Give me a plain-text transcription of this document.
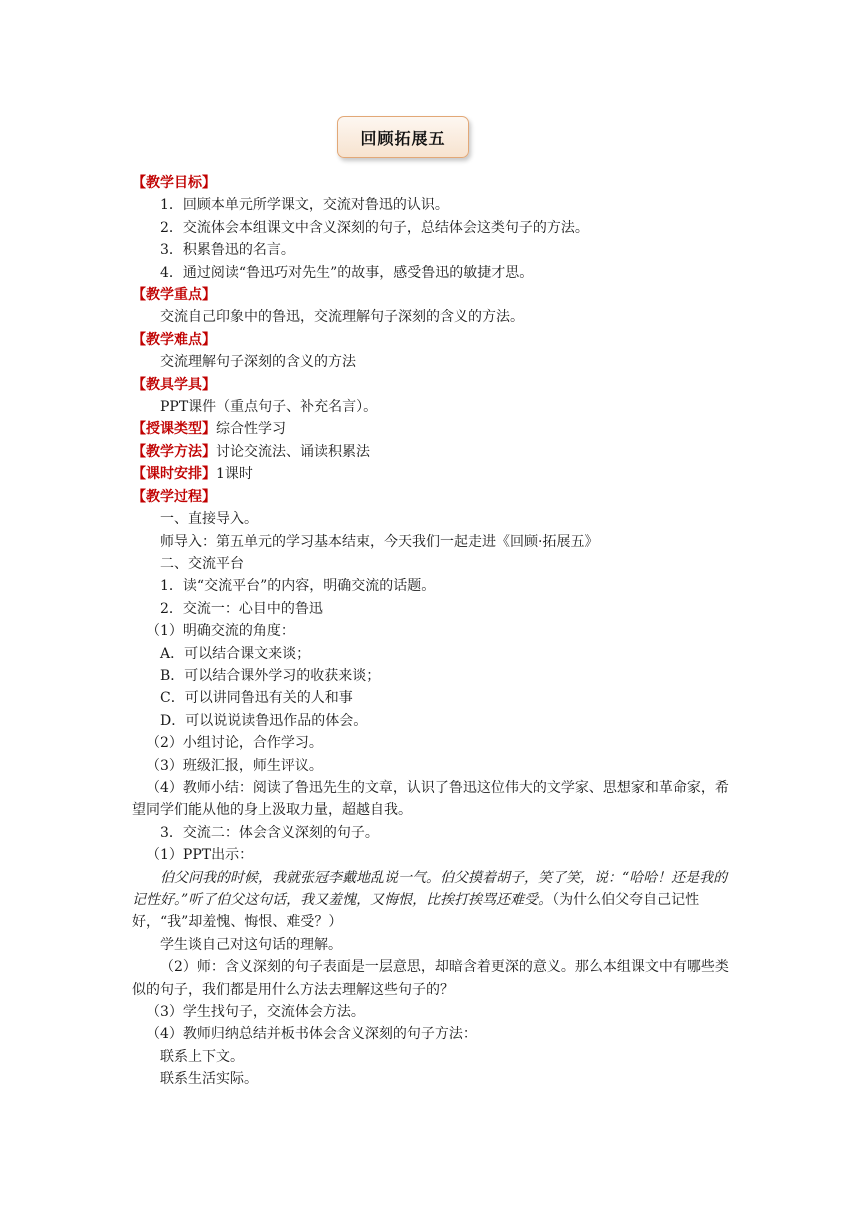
回顾拓展五
【教学目标】
1．回顾本单元所学课文，交流对鲁迅的认识。
2．交流体会本组课文中含义深刻的句子，总结体会这类句子的方法。
3．积累鲁迅的名言。
4．通过阅读“鲁迅巧对先生”的故事，感受鲁迅的敏捷才思。
【教学重点】
交流自己印象中的鲁迅，交流理解句子深刻的含义的方法。
【教学难点】
交流理解句子深刻的含义的方法
【教具学具】
PPT课件（重点句子、补充名言）。
【授课类型】综合性学习
【教学方法】讨论交流法、诵读积累法
【课时安排】1课时
【教学过程】
一、直接导入。
师导入：第五单元的学习基本结束，今天我们一起走进《回顾·拓展五》
二、交流平台
1．读“交流平台”的内容，明确交流的话题。
2．交流一：心目中的鲁迅
（1）明确交流的角度：
A．可以结合课文来谈；
B．可以结合课外学习的收获来谈；
C．可以讲同鲁迅有关的人和事
D．可以说说读鲁迅作品的体会。
（2）小组讨论，合作学习。
（3）班级汇报，师生评议。
（4）教师小结：阅读了鲁迅先生的文章，认识了鲁迅这位伟大的文学家、思想家和革命家，希望同学们能从他的身上汲取力量，超越自我。
3．交流二：体会含义深刻的句子。
（1）PPT出示：
伯父问我的时候，我就张冠李戴地乱说一气。伯父摸着胡子，笑了笑，说：“哈哈！还是我的记性好。”听了伯父这句话，我又羞愧，又悔恨，比挨打挨骂还难受。（为什么伯父夸自己记性好，“我”却羞愧、悔恨、难受？）
学生谈自己对这句话的理解。
（2）师：含义深刻的句子表面是一层意思，却暗含着更深的意义。那么本组课文中有哪些类似的句子，我们都是用什么方法去理解这些句子的？
（3）学生找句子，交流体会方法。
（4）教师归纳总结并板书体会含义深刻的句子方法：
联系上下文。
联系生活实际。
